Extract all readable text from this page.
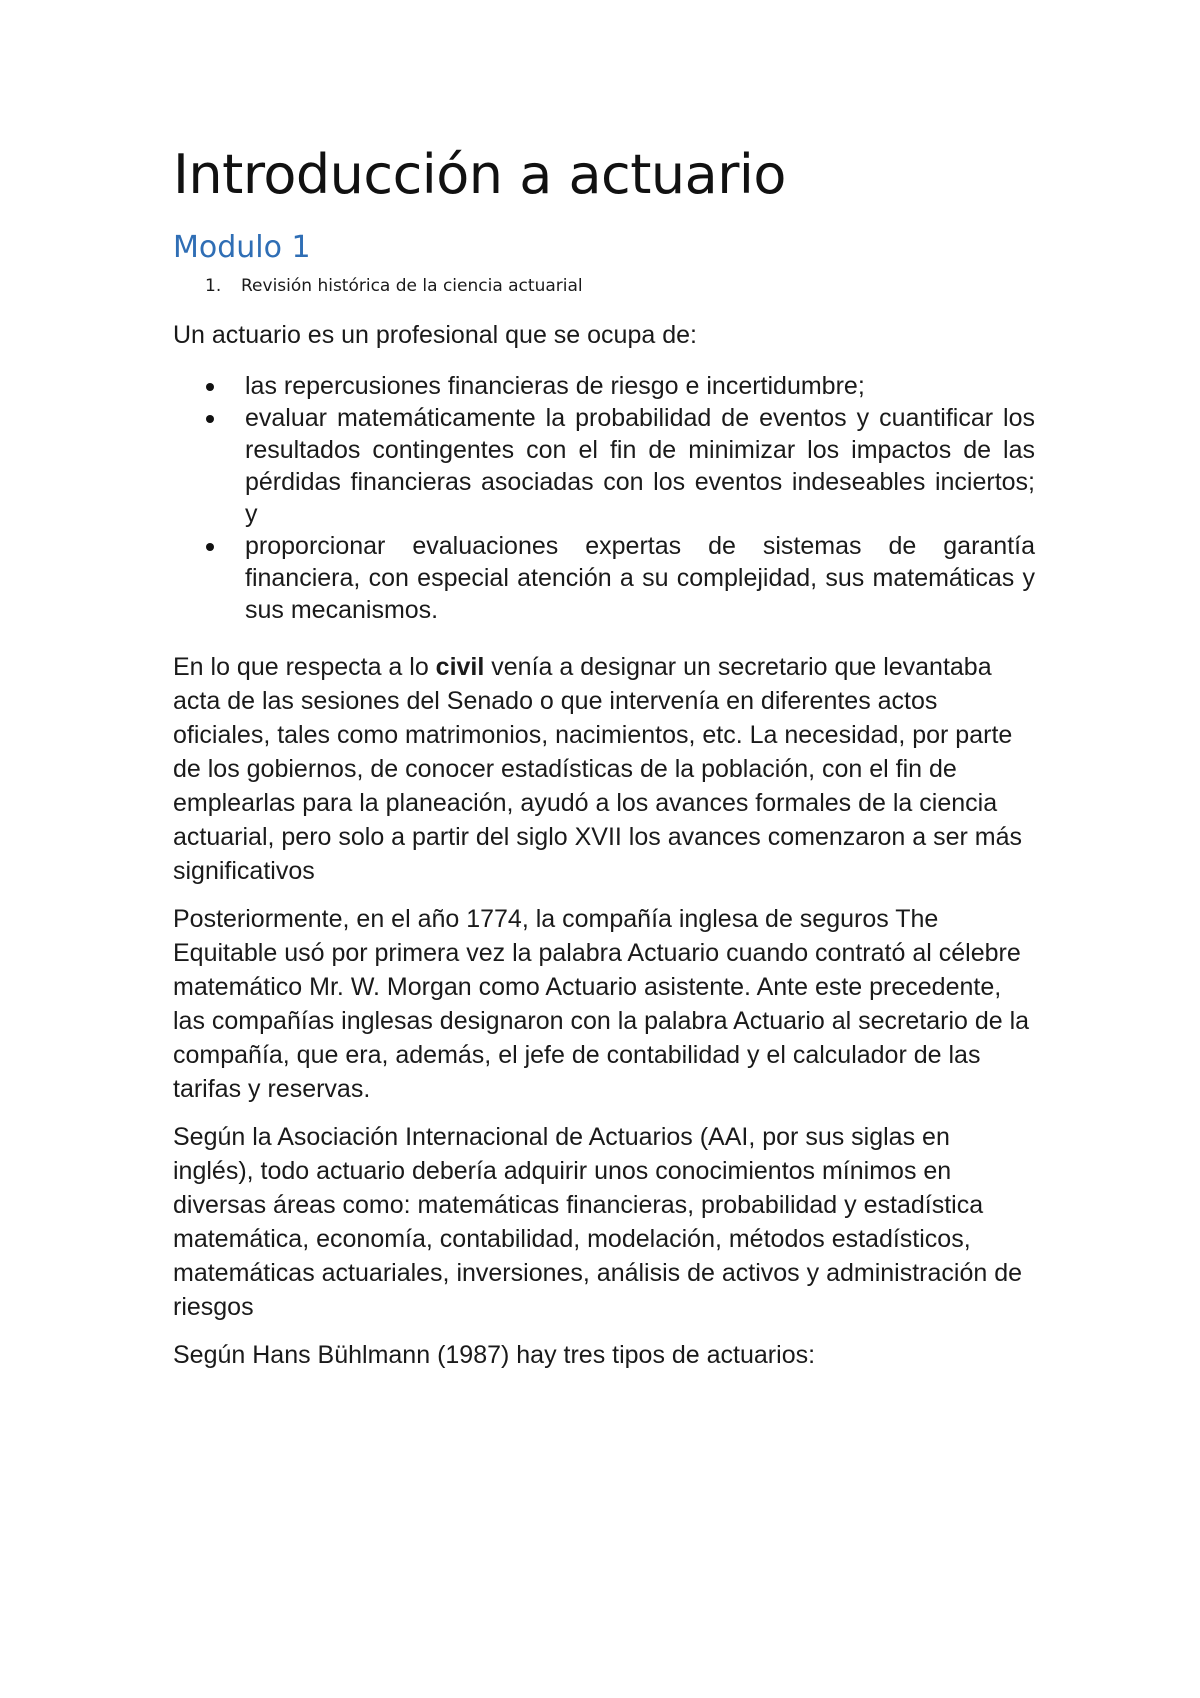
Introducción a actuario
Modulo 1
1.	Revisión histórica de la ciencia actuarial

Un actuario es un profesional que se ocupa de:

las repercusiones financieras de riesgo e incertidumbre;
evaluar matemáticamente la probabilidad de eventos y cuantificar los resultados contingentes con el fin de minimizar los impactos de las pérdidas financieras asociadas con los eventos indeseables inciertos; y
proporcionar evaluaciones expertas de sistemas de garantía financiera, con especial atención a su complejidad, sus matemáticas y sus mecanismos.

En lo que respecta a lo civil venía a designar un secretario que levantaba acta de las sesiones del Senado o que intervenía en diferentes actos oficiales, tales como matrimonios, nacimientos, etc. La necesidad, por parte de los gobiernos, de conocer estadísticas de la población, con el fin de emplearlas para la planeación, ayudó a los avances formales de la ciencia actuarial, pero solo a partir del siglo XVII los avances comenzaron a ser más significativos

Posteriormente, en el año 1774, la compañía inglesa de seguros The Equitable usó por primera vez la palabra Actuario cuando contrató al célebre matemático Mr. W. Morgan como Actuario asistente. Ante este precedente, las compañías inglesas designaron con la palabra Actuario al secretario de la compañía, que era, además, el jefe de contabilidad y el calculador de las tarifas y reservas.

Según la Asociación Internacional de Actuarios (AAI, por sus siglas en inglés), todo actuario debería adquirir unos conocimientos mínimos en diversas áreas como: matemáticas financieras, probabilidad y estadística matemática, economía, contabilidad, modelación, métodos estadísticos, matemáticas actuariales, inversiones, análisis de activos y administración de riesgos

Según Hans Bühlmann (1987) hay tres tipos de actuarios:
